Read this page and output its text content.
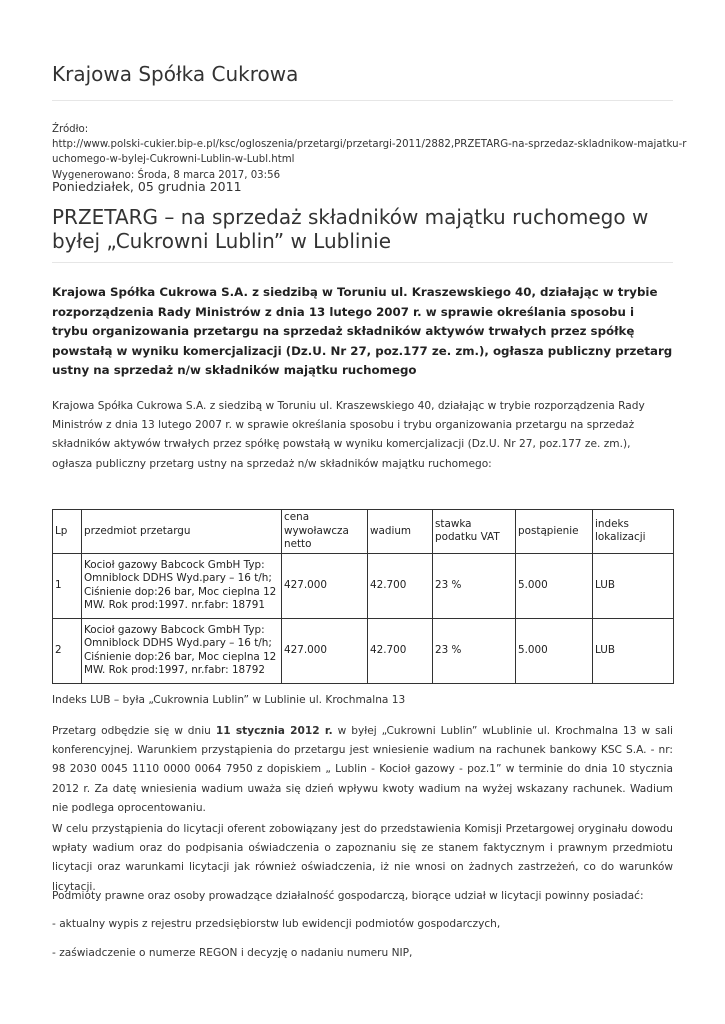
Krajowa Spółka Cukrowa
Źródło:
http://www.polski-cukier.bip-e.pl/ksc/ogloszenia/przetargi/przetargi-2011/2882,PRZETARG-na-sprzedaz-skladnikow-majatku-r
uchomego-w-bylej-Cukrowni-Lublin-w-Lubl.html
Wygenerowano: Środa, 8 marca 2017, 03:56
Poniedziałek, 05 grudnia 2011
PRZETARG – na sprzedaż składników majątku ruchomego w byłej „Cukrowni Lublin” w Lublinie
Krajowa Spółka Cukrowa S.A. z siedzibą w Toruniu ul. Kraszewskiego 40, działając w trybie rozporządzenia Rady Ministrów z dnia 13 lutego 2007 r. w sprawie określania sposobu i trybu organizowania przetargu na sprzedaż składników aktywów trwałych przez spółkę powstałą w wyniku komercjalizacji (Dz.U. Nr 27, poz.177 ze. zm.), ogłasza publiczny przetarg ustny na sprzedaż n/w składników majątku ruchomego
Krajowa Spółka Cukrowa S.A. z siedzibą w Toruniu ul. Kraszewskiego 40, działając w trybie rozporządzenia Rady Ministrów z dnia 13 lutego 2007 r. w sprawie określania sposobu i trybu organizowania przetargu na sprzedaż składników aktywów trwałych przez spółkę powstałą w wyniku komercjalizacji (Dz.U. Nr 27, poz.177 ze. zm.), ogłasza publiczny przetarg ustny na sprzedaż n/w składników majątku ruchomego:
Lp	przedmiot przetargu	cena wywoławcza netto	wadium	stawka podatku VAT	postąpienie	indeks lokalizacji
1	Kocioł gazowy Babcock GmbH Typ: Omniblock DDHS Wyd.pary – 16 t/h; Ciśnienie dop:26 bar, Moc cieplna 12 MW. Rok prod:1997. nr.fabr: 18791	427.000	42.700	23 %	5.000	LUB
2	Kocioł gazowy Babcock GmbH Typ: Omniblock DDHS Wyd.pary – 16 t/h; Ciśnienie dop:26 bar, Moc cieplna 12 MW. Rok prod:1997, nr.fabr: 18792	427.000	42.700	23 %	5.000	LUB
Indeks LUB – była „Cukrownia Lublin” w Lublinie ul. Krochmalna 13
Przetarg odbędzie się w dniu 11 stycznia 2012 r. w byłej „Cukrowni Lublin” wLublinie ul. Krochmalna 13 w sali konferencyjnej. Warunkiem przystąpienia do przetargu jest wniesienie wadium na rachunek bankowy KSC S.A. - nr: 98 2030 0045 1110 0000 0064 7950 z dopiskiem „ Lublin - Kocioł gazowy - poz.1” w terminie do dnia 10 stycznia 2012 r. Za datę wniesienia wadium uważa się dzień wpływu kwoty wadium na wyżej wskazany rachunek. Wadium nie podlega oprocentowaniu.
W celu przystąpienia do licytacji oferent zobowiązany jest do przedstawienia Komisji Przetargowej oryginału dowodu wpłaty wadium oraz do podpisania oświadczenia o zapoznaniu się ze stanem faktycznym i prawnym przedmiotu licytacji oraz warunkami licytacji jak również oświadczenia, iż nie wnosi on żadnych zastrzeżeń, co do warunków licytacji.
Podmioty prawne oraz osoby prowadzące działalność gospodarczą, biorące udział w licytacji powinny posiadać:
- aktualny wypis z rejestru przedsiębiorstw lub ewidencji podmiotów gospodarczych,
- zaświadczenie o numerze REGON i decyzję o nadaniu numeru NIP,
